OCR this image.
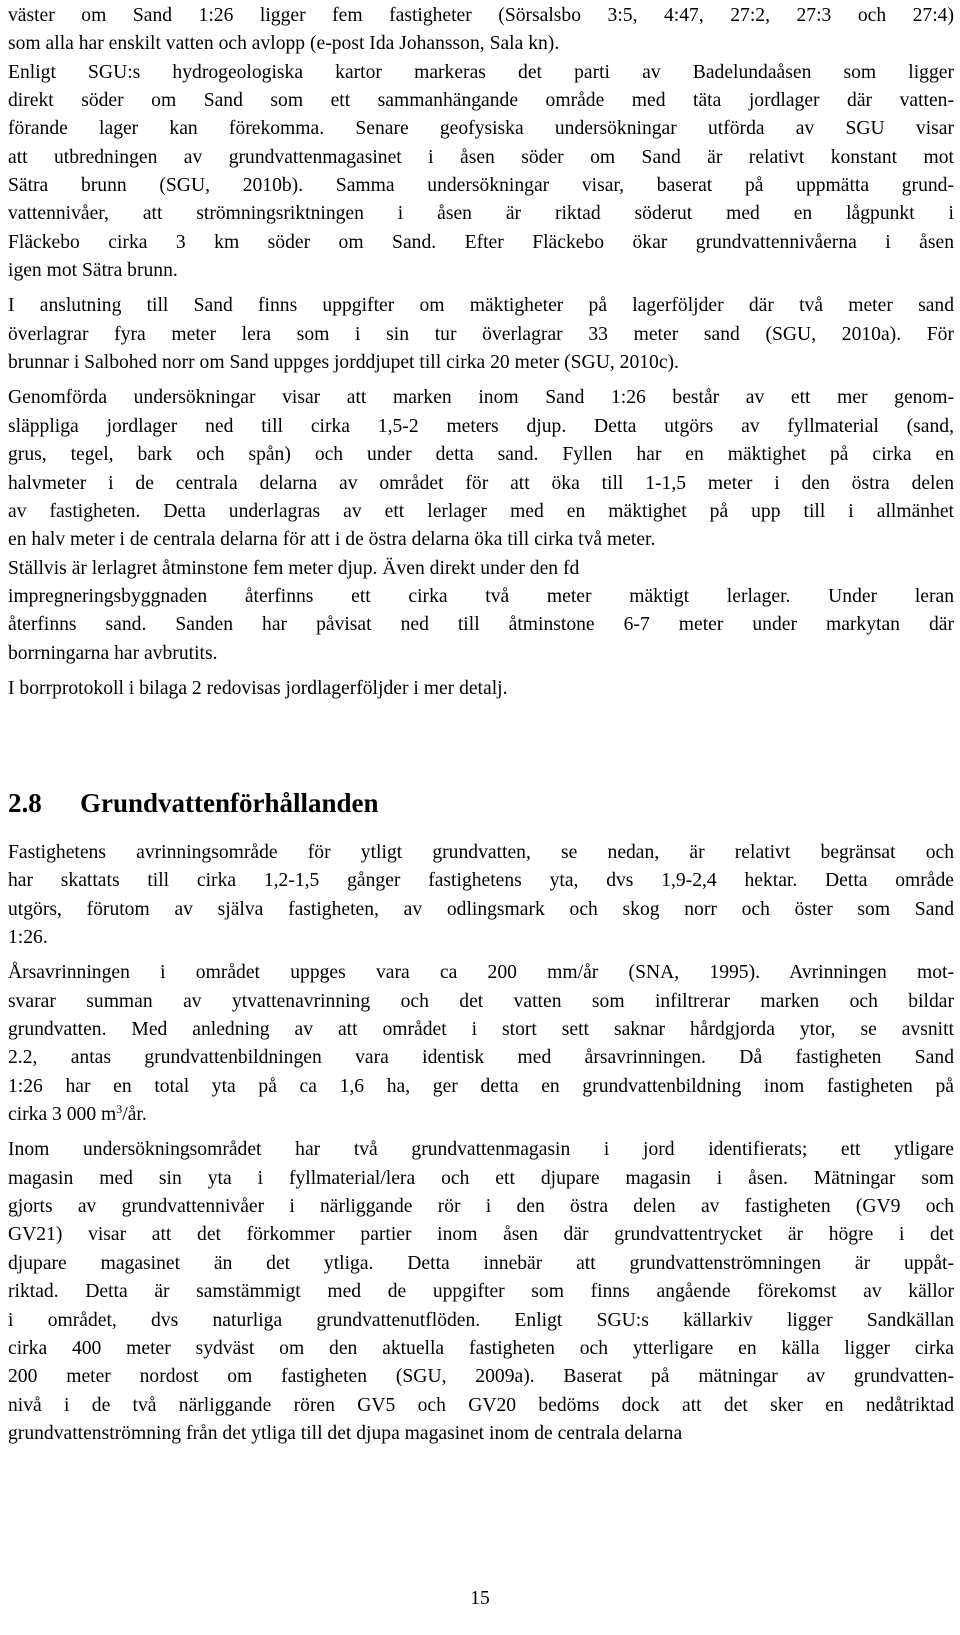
väster om Sand 1:26 ligger fem fastigheter (Sörsalsbo 3:5, 4:47, 27:2, 27:3 och 27:4)
som alla har enskilt vatten och avlopp (e-post Ida Johansson, Sala kn).

Enligt SGU:s hydrogeologiska kartor markeras det parti av Badelundaåsen som ligger
direkt söder om Sand som ett sammanhängande område med täta jordlager där vatten-
förande lager kan förekomma. Senare geofysiska undersökningar utförda av SGU visar
att utbredningen av grundvattenmagasinet i åsen söder om Sand är relativt konstant mot
Sätra brunn (SGU, 2010b). Samma undersökningar visar, baserat på uppmätta grund-
vattennivåer, att strömningsriktningen i åsen är riktad söderut med en lågpunkt i
Fläckebo cirka 3 km söder om Sand. Efter Fläckebo ökar grundvattennivåerna i åsen
igen mot Sätra brunn.

I anslutning till Sand finns uppgifter om mäktigheter på lagerföljder där två meter sand
överlagrar fyra meter lera som i sin tur överlagrar 33 meter sand (SGU, 2010a). För
brunnar i Salbohed norr om Sand uppges jorddjupet till cirka 20 meter (SGU, 2010c).

Genomförda undersökningar visar att marken inom Sand 1:26 består av ett mer genom-
släppliga jordlager ned till cirka 1,5-2 meters djup. Detta utgörs av fyllmaterial (sand,
grus, tegel, bark och spån) och under detta sand. Fyllen har en mäktighet på cirka en
halvmeter i de centrala delarna av området för att öka till 1-1,5 meter i den östra delen
av fastigheten. Detta underlagras av ett lerlager med en mäktighet på upp till i allmänhet
en halv meter i de centrala delarna för att i de östra delarna öka till cirka två meter.
Ställvis är lerlagret åtminstone fem meter djup. Även direkt under den fd
impregneringsbyggnaden återfinns ett cirka två meter mäktigt lerlager. Under leran
återfinns sand. Sanden har påvisat ned till åtminstone 6-7 meter under markytan där
borrningarna har avbrutits.

I borrprotokoll i bilaga 2 redovisas jordlagerföljder i mer detalj.

2.8	Grundvattenförhållanden

Fastighetens avrinningsområde för ytligt grundvatten, se nedan, är relativt begränsat och
har skattats till cirka 1,2-1,5 gånger fastighetens yta, dvs 1,9-2,4 hektar. Detta område
utgörs, förutom av själva fastigheten, av odlingsmark och skog norr och öster som Sand
1:26.

Årsavrinningen i området uppges vara ca 200 mm/år (SNA, 1995). Avrinningen mot-
svarar summan av ytvattenavrinning och det vatten som infiltrerar marken och bildar
grundvatten. Med anledning av att området i stort sett saknar hårdgjorda ytor, se avsnitt
2.2, antas grundvattenbildningen vara identisk med årsavrinningen. Då fastigheten Sand
1:26 har en total yta på ca 1,6 ha, ger detta en grundvattenbildning inom fastigheten på
cirka 3 000 $m^3/år$.

Inom undersökningsområdet har två grundvattenmagasin i jord identifierats; ett ytligare
magasin med sin yta i fyllmaterial/lera och ett djupare magasin i åsen. Mätningar som
gjorts av grundvattennivåer i närliggande rör i den östra delen av fastigheten (GV9 och
GV21) visar att det förkommer partier inom åsen där grundvattentrycket är högre i det
djupare magasinet än det ytliga. Detta innebär att grundvattenströmningen är uppåt-
riktad. Detta är samstämmigt med de uppgifter som finns angående förekomst av källor
i området, dvs naturliga grundvattenutflöden. Enligt SGU:s källarkiv ligger Sandkällan
cirka 400 meter sydväst om den aktuella fastigheten och ytterligare en källa ligger cirka
200 meter nordost om fastigheten (SGU, 2009a). Baserat på mätningar av grundvatten-
nivå i de två närliggande rören GV5 och GV20 bedöms dock att det sker en nedåtriktad
grundvattenströmning från det ytliga till det djupa magasinet inom de centrala delarna

15
